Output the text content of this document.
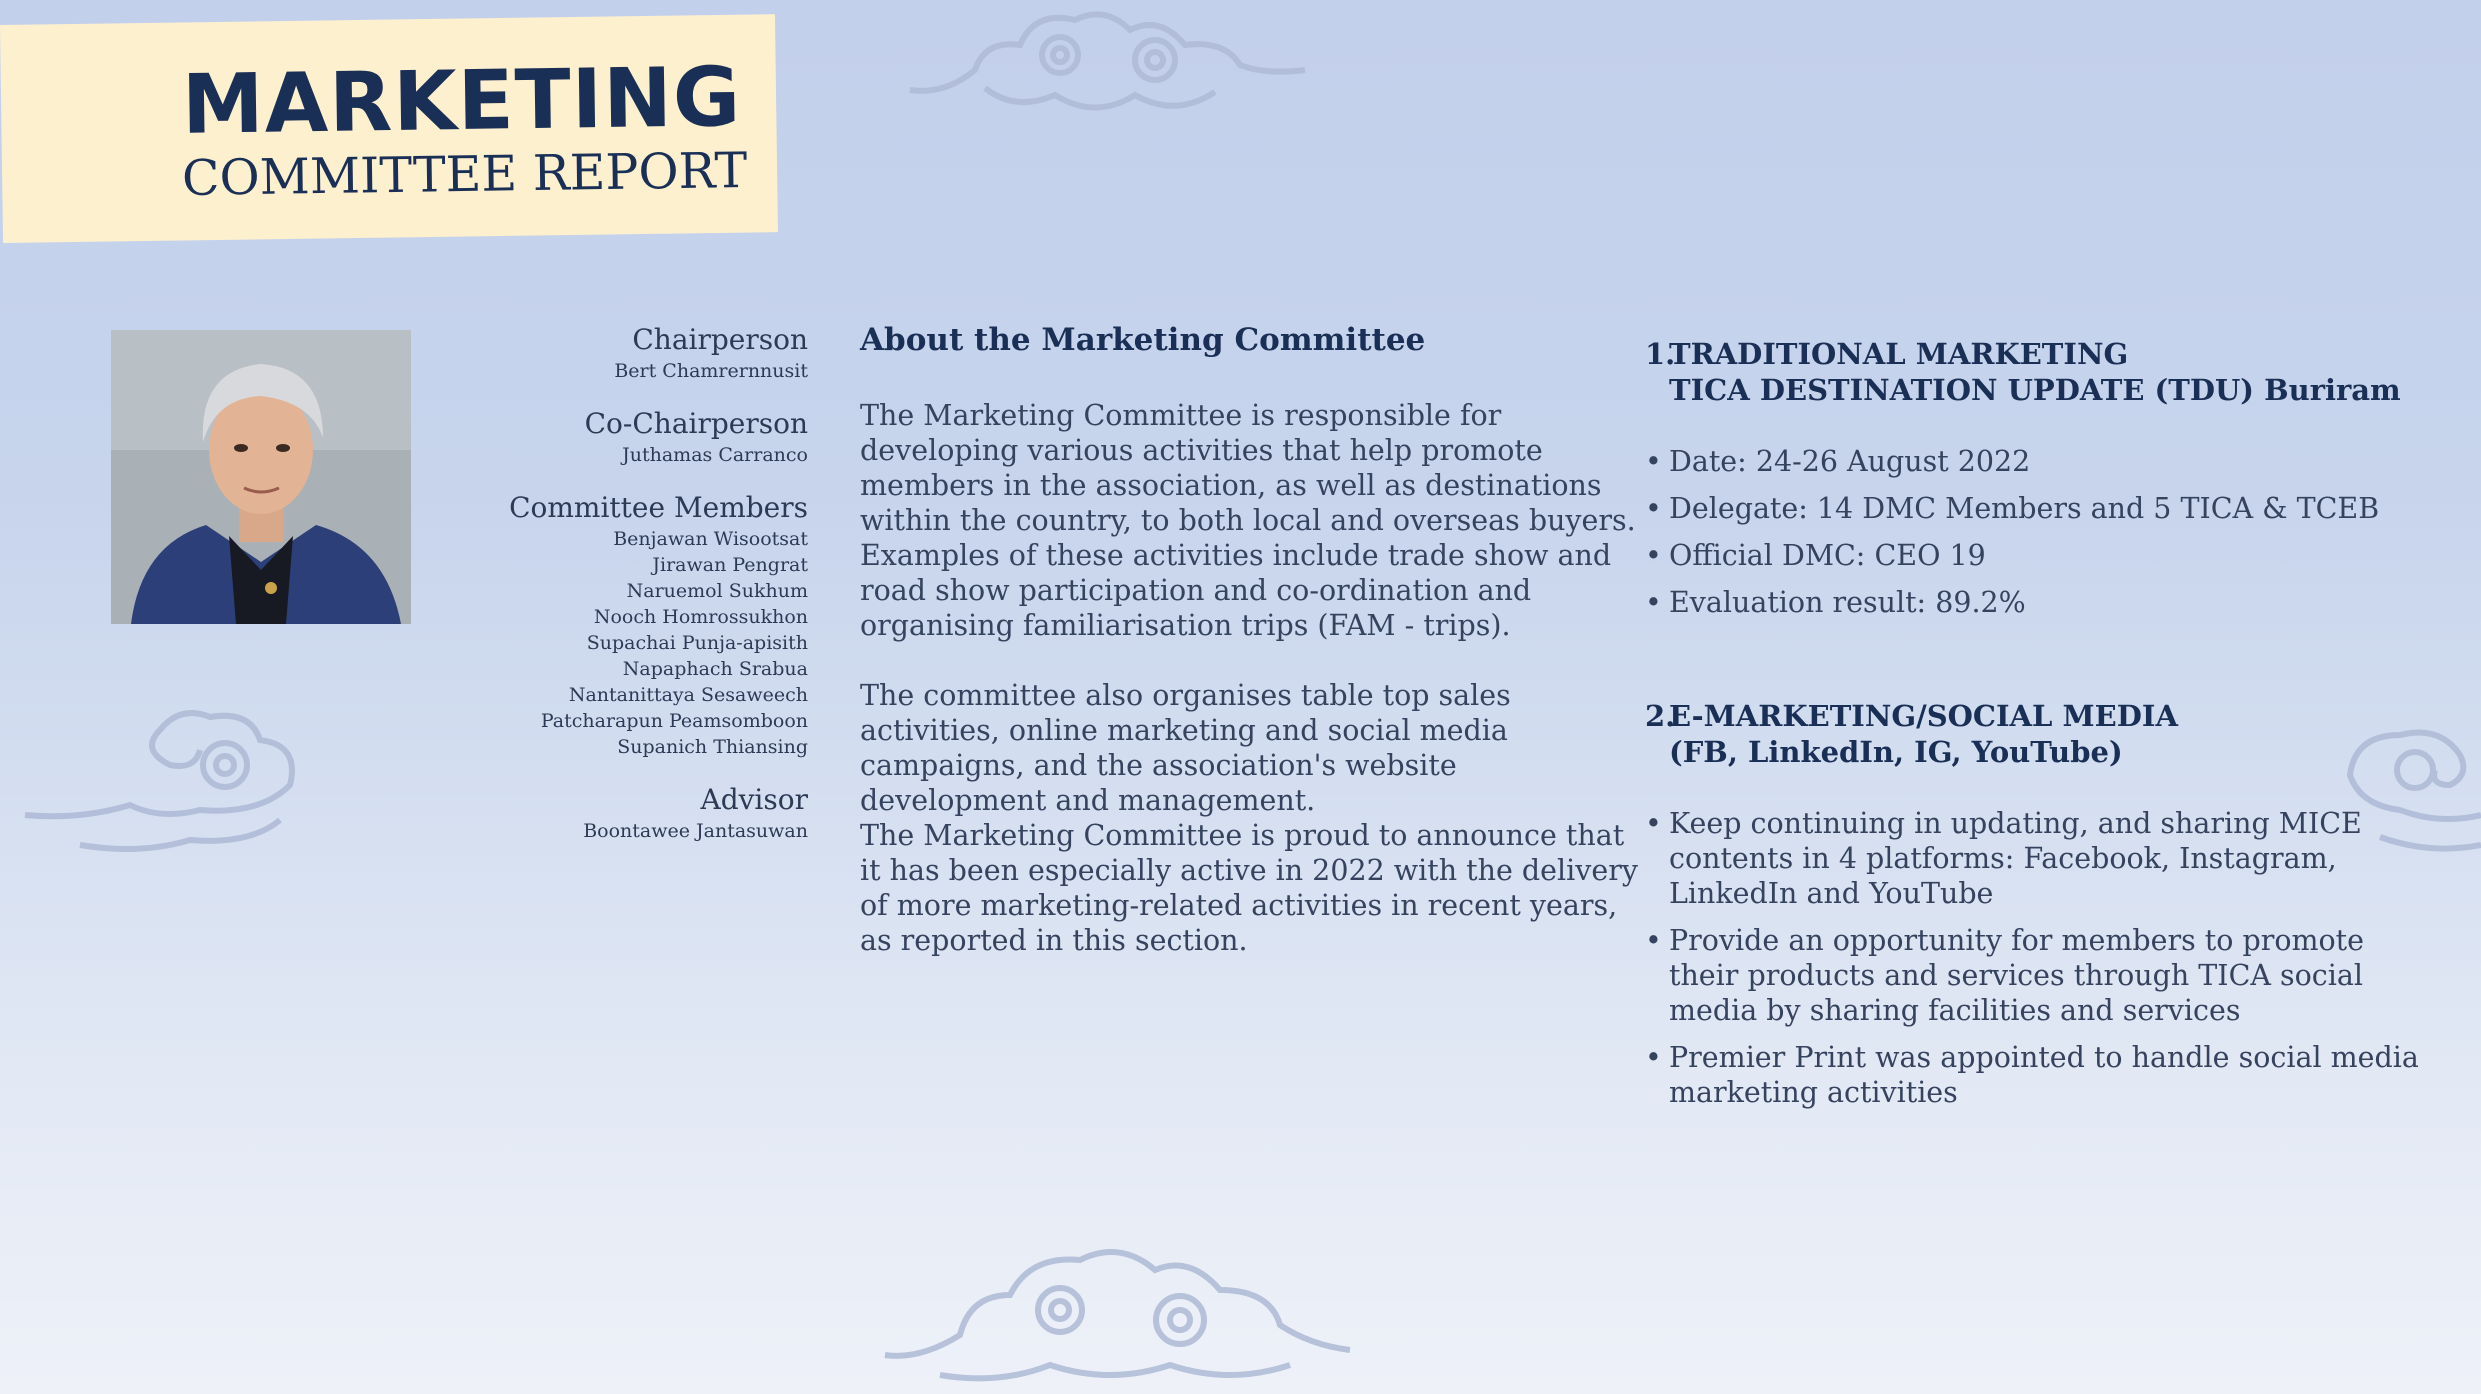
MARKETING
COMMITTEE REPORT
Chairperson
Bert Chamrernnusit
Co-Chairperson
Juthamas Carranco
Committee Members
Benjawan Wisootsat
Jirawan Pengrat
Naruemol Sukhum
Nooch Homrossukhon
Supachai Punja-apisith
Napaphach Srabua
Nantanittaya Sesaweech
Patcharapun Peamsomboon
Supanich Thiansing
Advisor
Boontawee Jantasuwan
About the Marketing Committee
The Marketing Committee is responsible for developing various activities that help promote members in the association, as well as destinations within the country, to both local and overseas buyers. Examples of these activities include trade show and road show participation and co-ordination and organising familiarisation trips (FAM - trips).
The committee also organises table top sales activities, online marketing and social media campaigns, and the association's website development and management.
The Marketing Committee is proud to announce that it has been especially active in 2022 with the delivery of more marketing-related activities in recent years, as reported in this section.
1.TRADITIONAL MARKETING
TICA DESTINATION UPDATE (TDU) Buriram
• Date: 24-26 August 2022
• Delegate: 14 DMC Members and 5 TICA & TCEB
• Official DMC: CEO 19
• Evaluation result: 89.2%
2.E-MARKETING/SOCIAL MEDIA
(FB, LinkedIn, IG, YouTube)
• Keep continuing in updating, and sharing MICE contents in 4 platforms: Facebook, Instagram, LinkedIn and YouTube
• Provide an opportunity for members to promote their products and services through TICA social media by sharing facilities and services
• Premier Print was appointed to handle social media marketing activities
